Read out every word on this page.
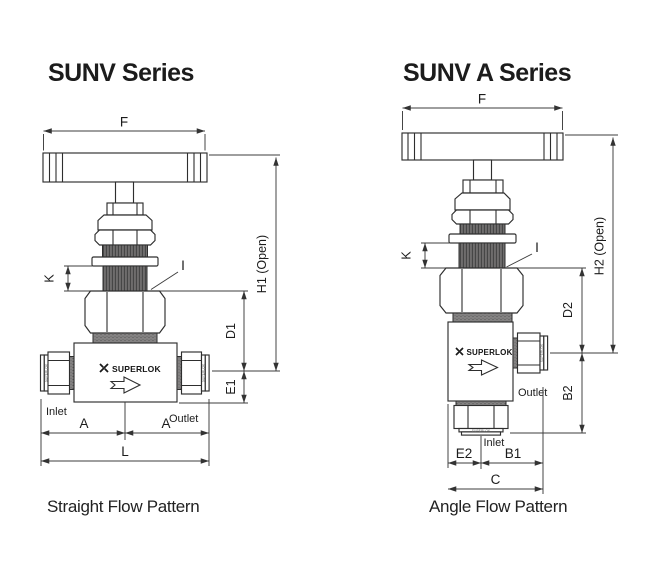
SUNV Series	SUNV A Series
F
H1 (Open)
K
I
SUPERLOK
SUPERLOK	SUPERLOK
Inlet
Outlet
A	A
L
D1
E1
F
H2 (Open)
K
I
SUPERLOK	SUPERLOK
SUPERLOK
Outlet
Inlet
E2 B1
C
D2
B2
Straight Flow Pattern	Angle Flow Pattern
